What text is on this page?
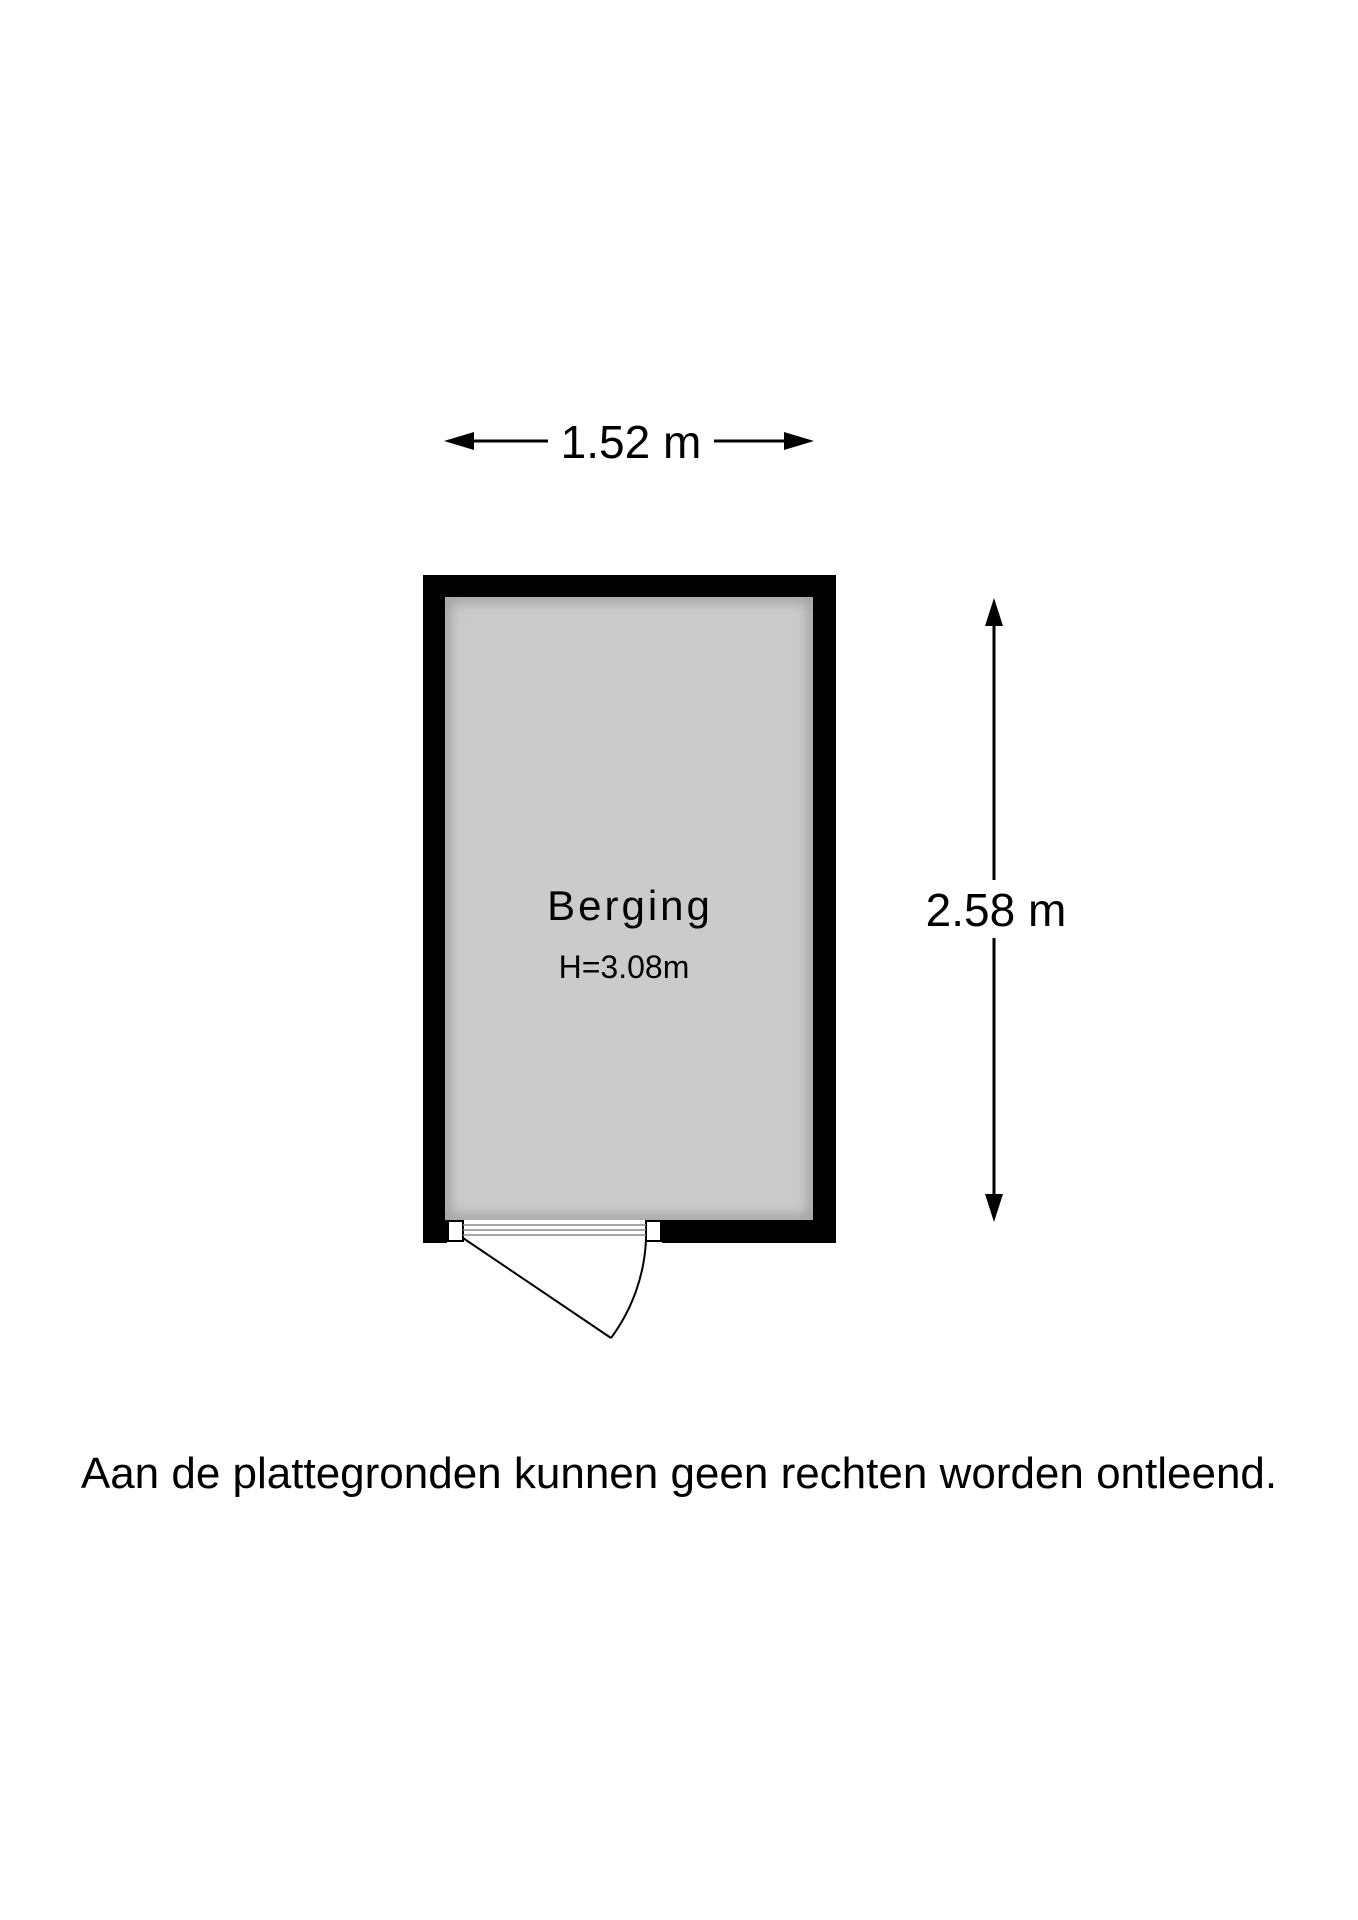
1.52 m
2.58 m
Berging
H=3.08m
Aan de plattegronden kunnen geen rechten worden ontleend.
